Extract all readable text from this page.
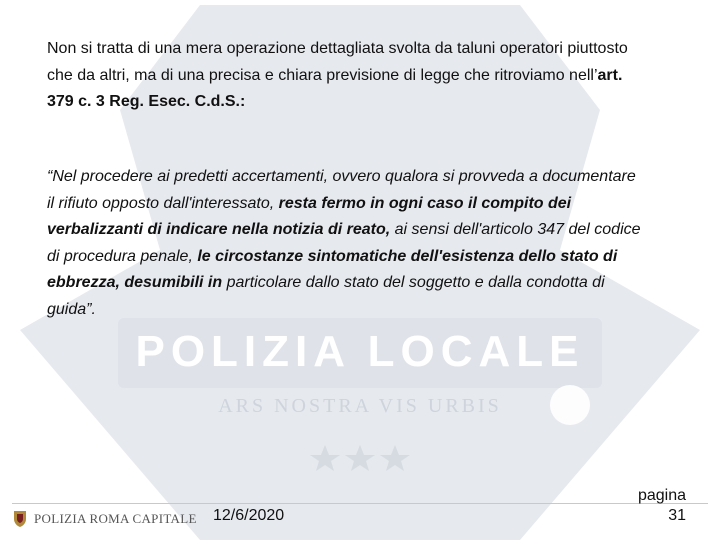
POLIZIA LOCALE
ARS NOSTRA VIS URBIS

Non si tratta di una mera operazione dettagliata svolta da taluni operatori piuttosto che da altri, ma di una precisa e chiara previsione di legge che ritroviamo nell’art. 379 c. 3 Reg. Esec. C.d.S.:

“Nel procedere ai predetti accertamenti, ovvero qualora si provveda a documentare il rifiuto opposto dall'interessato, resta fermo in ogni caso il compito dei verbalizzanti di indicare nella notizia di reato, ai sensi dell'articolo 347 del codice di procedura penale, le circostanze sintomatiche dell'esistenza dello stato di ebbrezza, desumibili in particolare dallo stato del soggetto e dalla condotta di guida”.

POLIZIA ROMA CAPITALE 12/6/2020
pagina
31
